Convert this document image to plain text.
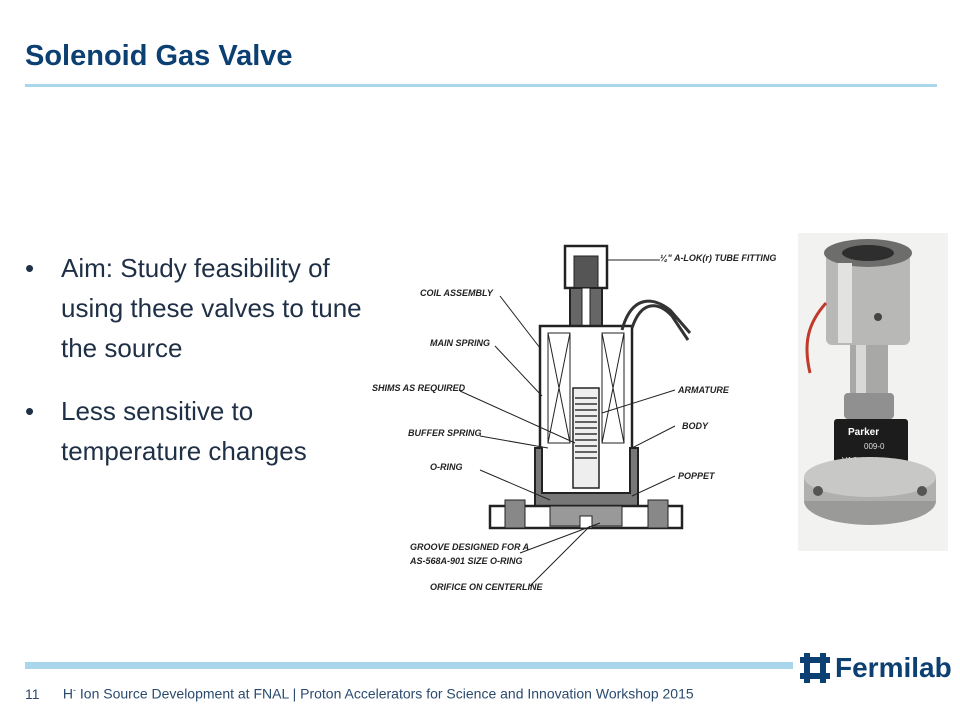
Solenoid Gas Valve
• Aim: Study feasibility of using these valves to tune the source
• Less sensitive to temperature changes
¼" A-LOK(r) TUBE FITTING
COIL ASSEMBLY
MAIN SPRING
SHIMS AS REQUIRED
BUFFER SPRING
O-RING
ARMATURE
BODY
POPPET
GROOVE DESIGNED FOR A
AS-568A-901 SIZE O-RING
ORIFICE ON CENTERLINE
Parker
009-0
Fermilab
11 H- Ion Source Development at FNAL | Proton Accelerators for Science and Innovation Workshop 2015
